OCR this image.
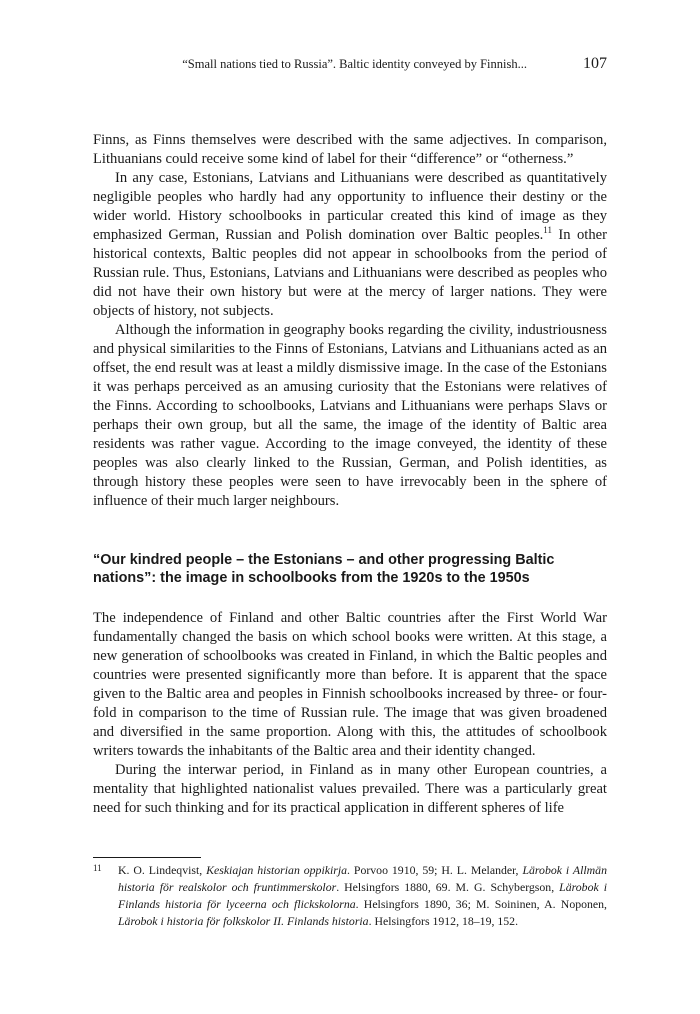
“Small nations tied to Russia”. Baltic identity conveyed by Finnish...	107

Finns, as Finns themselves were described with the same adjectives. In comparison, Lithuanians could receive some kind of label for their “difference” or “otherness.”

In any case, Estonians, Latvians and Lithuanians were described as quantitatively negligible peoples who hardly had any opportunity to influence their destiny or the wider world. History schoolbooks in particular created this kind of image as they emphasized German, Russian and Polish domination over Baltic peoples.$^{11}$ In other historical contexts, Baltic peoples did not appear in schoolbooks from the period of Russian rule. Thus, Estonians, Latvians and Lithuanians were described as peoples who did not have their own history but were at the mercy of larger nations. They were objects of history, not subjects.

Although the information in geography books regarding the civility, industriousness and physical similarities to the Finns of Estonians, Latvians and Lithuanians acted as an offset, the end result was at least a mildly dismissive image. In the case of the Estonians it was perhaps perceived as an amusing curiosity that the Estonians were relatives of the Finns. According to schoolbooks, Latvians and Lithuanians were perhaps Slavs or perhaps their own group, but all the same, the image of the identity of Baltic area residents was rather vague. According to the image conveyed, the identity of these peoples was also clearly linked to the Russian, German, and Polish identities, as through history these peoples were seen to have irrevocably been in the sphere of influence of their much larger neighbours.

“Our kindred people – the Estonians – and other progressing Baltic nations”: the image in schoolbooks from the 1920s to the 1950s

The independence of Finland and other Baltic countries after the First World War fundamentally changed the basis on which school books were written. At this stage, a new generation of schoolbooks was created in Finland, in which the Baltic peoples and countries were presented significantly more than before. It is apparent that the space given to the Baltic area and peoples in Finnish schoolbooks increased by three- or four-fold in comparison to the time of Russian rule. The image that was given broadened and diversified in the same proportion. Along with this, the attitudes of schoolbook writers towards the inhabitants of the Baltic area and their identity changed.

During the interwar period, in Finland as in many other European countries, a mentality that highlighted nationalist values prevailed. There was a particularly great need for such thinking and for its practical application in different spheres of life

11 K. O. Lindeqvist, Keskiajan historian oppikirja. Porvoo 1910, 59; H. L. Melander, Lärobok i Allmän historia för realskolor och fruntimmerskolor. Helsingfors 1880, 69. M. G. Schybergson, Lärobok i Finlands historia för lyceerna och flickskolorna. Helsingfors 1890, 36; M. Soininen, A. Noponen, Lärobok i historia för folkskolor II. Finlands historia. Helsingfors 1912, 18–19, 152.
